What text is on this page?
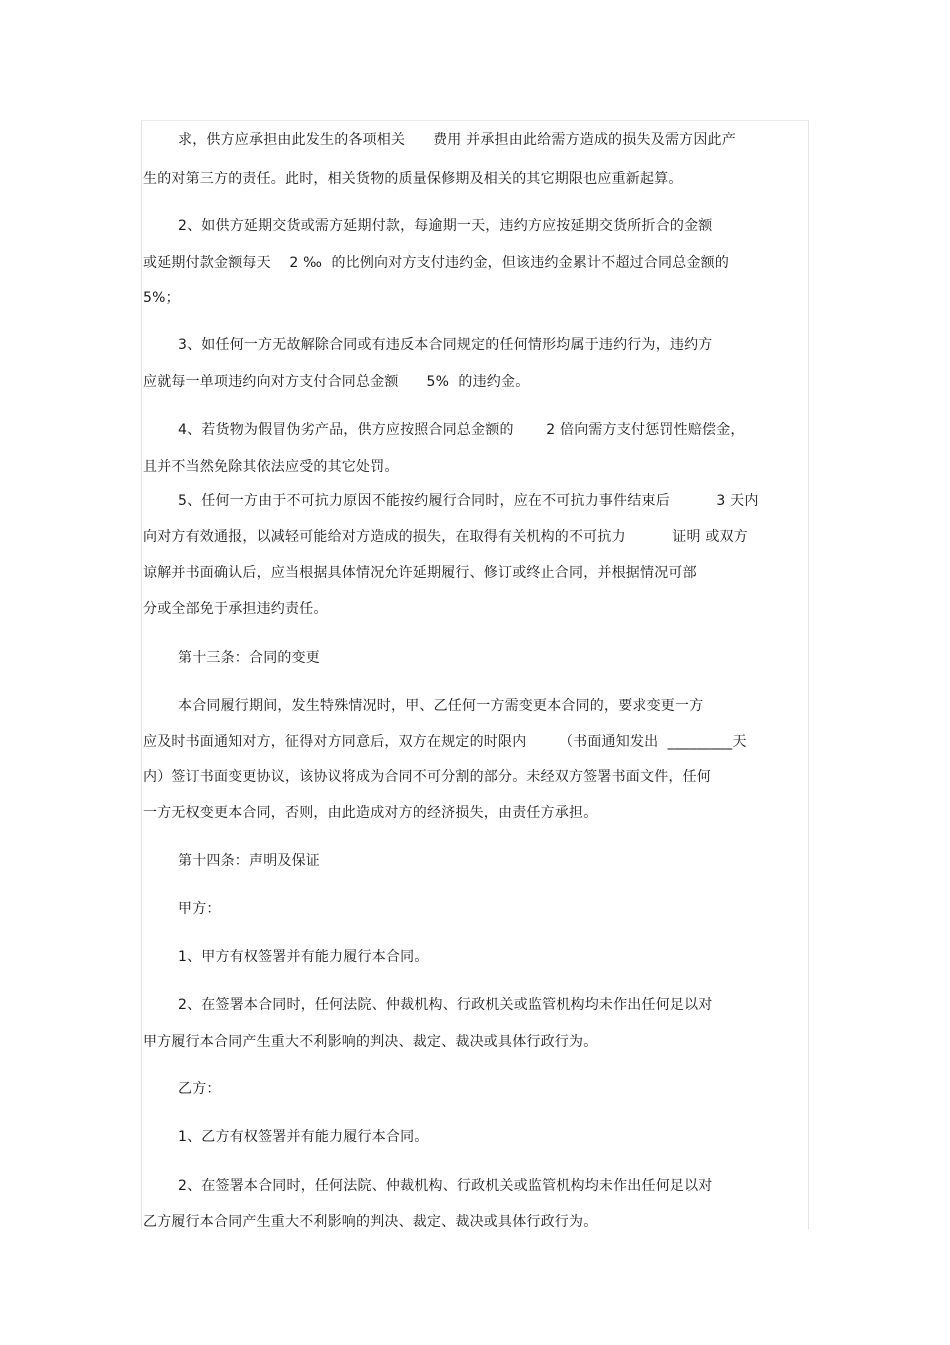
求，供方应承担由此发生的各项相关      费用 并承担由此给需方造成的损失及需方因此产
生的对第三方的责任。此时，相关货物的质量保修期及相关的其它期限也应重新起算。
2、如供方延期交货或需方延期付款，每逾期一天，违约方应按延期交货所折合的金额
或延期付款金额每天    2 ‰  的比例向对方支付违约金，但该违约金累计不超过合同总金额的
5%；
3、如任何一方无故解除合同或有违反本合同规定的任何情形均属于违约行为，违约方
应就每一单项违约向对方支付合同总金额      5%  的违约金。
4、若货物为假冒伪劣产品，供方应按照合同总金额的       2 倍向需方支付惩罚性赔偿金，
且并不当然免除其依法应受的其它处罚。
5、任何一方由于不可抗力原因不能按约履行合同时，应在不可抗力事件结束后          3 天内
向对方有效通报，以减轻可能给对方造成的损失，在取得有关机构的不可抗力          证明 或双方
谅解并书面确认后，应当根据具体情况允许延期履行、修订或终止合同，并根据情况可部
分或全部免于承担违约责任。
第十三条：合同的变更
本合同履行期间，发生特殊情况时，甲、乙任何一方需变更本合同的，要求变更一方
应及时书面通知对方，征得对方同意后，双方在规定的时限内       （书面通知发出  _________天
内）签订书面变更协议，该协议将成为合同不可分割的部分。未经双方签署书面文件，任何
一方无权变更本合同，否则，由此造成对方的经济损失，由责任方承担。
第十四条：声明及保证
甲方：
1、甲方有权签署并有能力履行本合同。
2、在签署本合同时，任何法院、仲裁机构、行政机关或监管机构均未作出任何足以对
甲方履行本合同产生重大不利影响的判决、裁定、裁决或具体行政行为。
乙方：
1、乙方有权签署并有能力履行本合同。
2、在签署本合同时，任何法院、仲裁机构、行政机关或监管机构均未作出任何足以对
乙方履行本合同产生重大不利影响的判决、裁定、裁决或具体行政行为。
